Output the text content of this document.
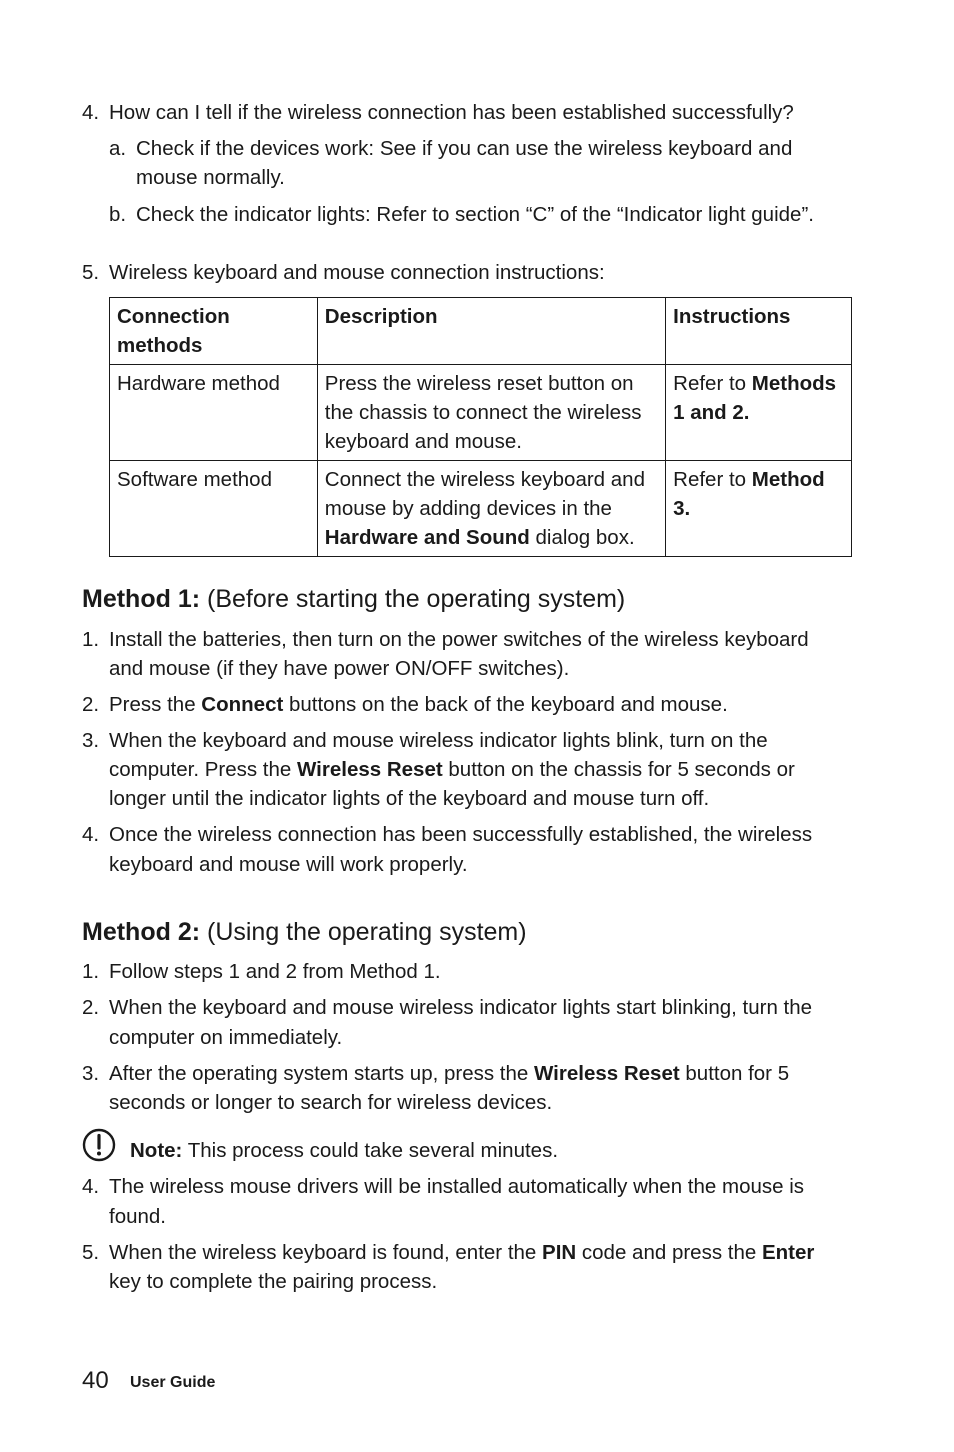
4. How can I tell if the wireless connection has been established successfully?
a. Check if the devices work: See if you can use the wireless keyboard and
mouse normally.
b. Check the indicator lights: Refer to section “C” of the “Indicator light guide”.
5. Wireless keyboard and mouse connection instructions:
Connection methods	Description	Instructions
Hardware method	Press the wireless reset button on the chassis to connect the wireless keyboard and mouse.	Refer to Methods 1 and 2.
Software method	Connect the wireless keyboard and mouse by adding devices in the Hardware and Sound dialog box.	Refer to Method 3.
Method 1: (Before starting the operating system)
1. Install the batteries, then turn on the power switches of the wireless keyboard
and mouse (if they have power ON/OFF switches).
2. Press the Connect buttons on the back of the keyboard and mouse.
3. When the keyboard and mouse wireless indicator lights blink, turn on the
computer. Press the Wireless Reset button on the chassis for 5 seconds or
longer until the indicator lights of the keyboard and mouse turn off.
4. Once the wireless connection has been successfully established, the wireless
keyboard and mouse will work properly.
Method 2: (Using the operating system)
1. Follow steps 1 and 2 from Method 1.
2. When the keyboard and mouse wireless indicator lights start blinking, turn the
computer on immediately.
3. After the operating system starts up, press the Wireless Reset button for 5
seconds or longer to search for wireless devices.
Note: This process could take several minutes.
4. The wireless mouse drivers will be installed automatically when the mouse is
found.
5. When the wireless keyboard is found, enter the PIN code and press the Enter
key to complete the pairing process.
40 User Guide
